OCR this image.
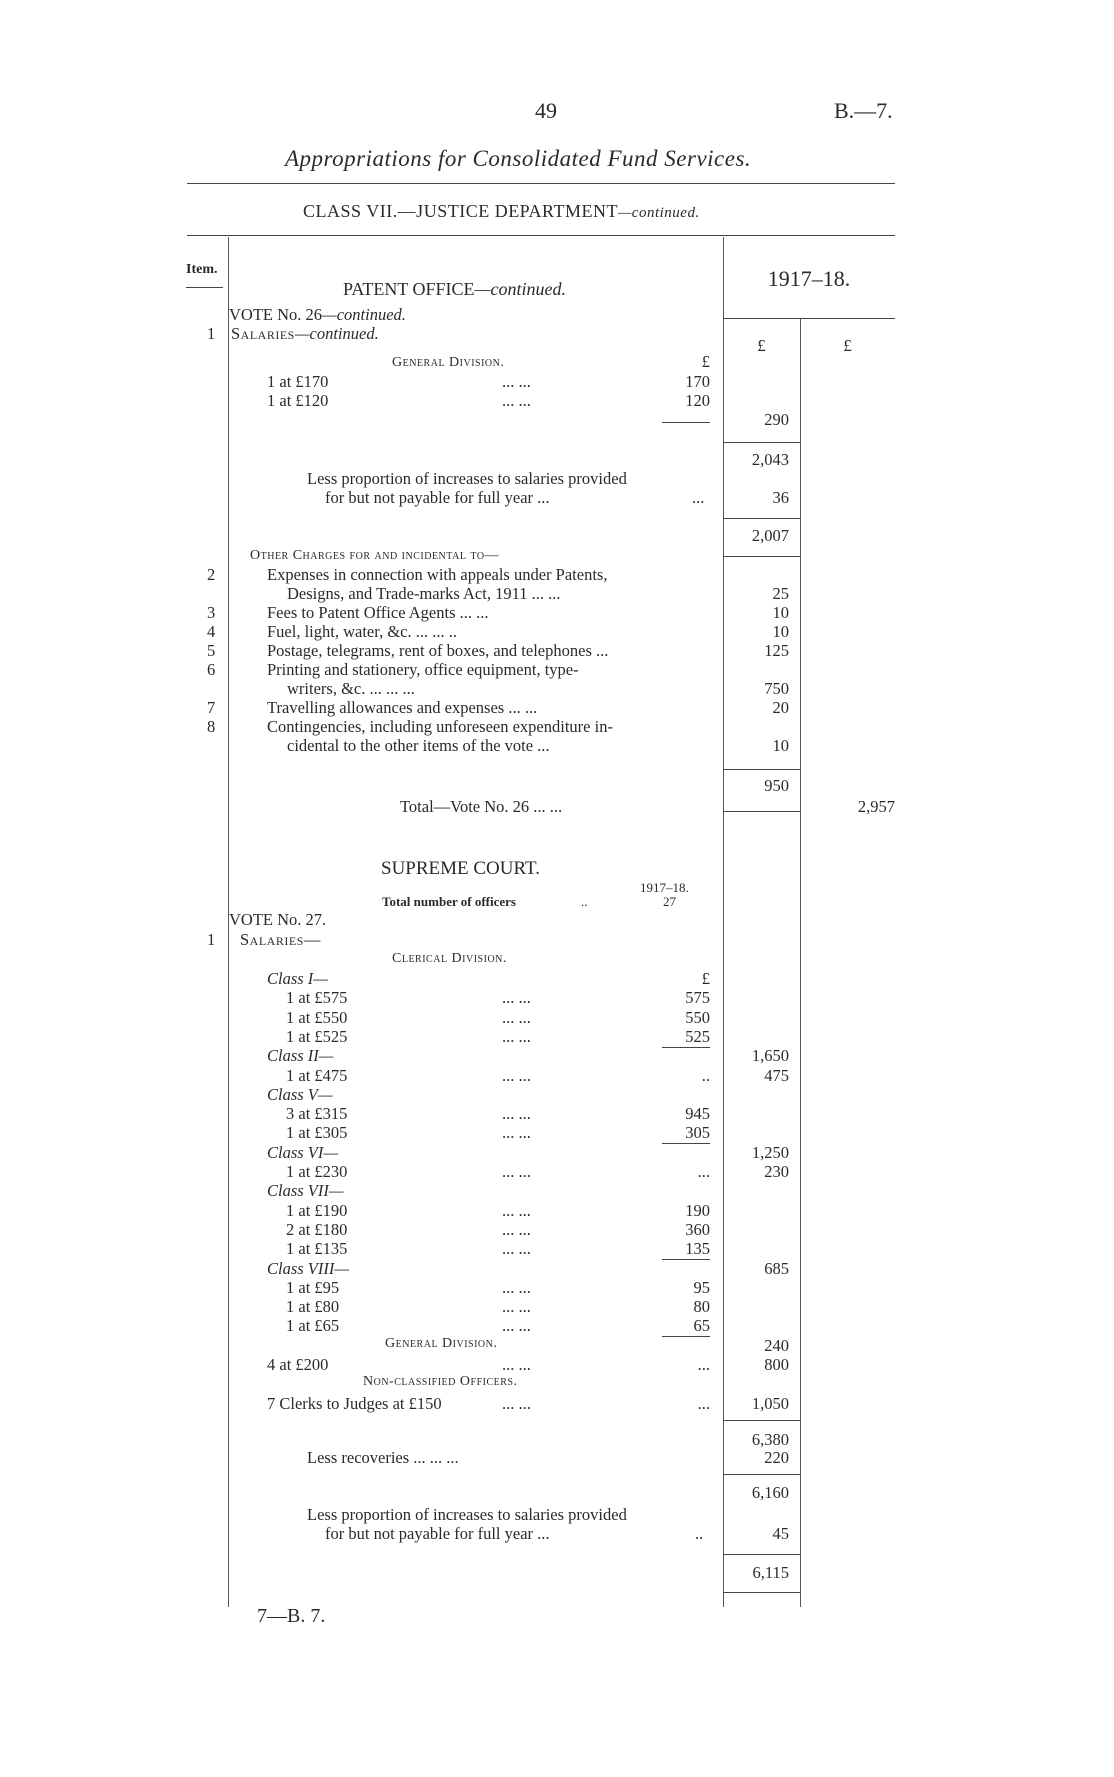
49	B.—7.
Appropriations for Consolidated Fund Services.
CLASS VII.—JUSTICE DEPARTMENT—continued.
Item.	1917–18.
£	£
PATENT OFFICE—continued.
VOTE No. 26—continued.
1 Salaries—continued.
General Division.	£
1 at £170	... ...	170
1 at £120	... ...	120
290
2,043
Less proportion of increases to salaries provided
for but not payable for full year ...	...	36
2,007
Other Charges for and incidental to—
2	Expenses in connection with appeals under Patents,
Designs, and Trade-marks Act, 1911 ... ...	25
3	Fees to Patent Office Agents ... ...	10
4	Fuel, light, water, &c. ... ... ..	10
5	Postage, telegrams, rent of boxes, and telephones ...	125
6	Printing and stationery, office equipment, type-
writers, &c. ... ... ...	750
7	Travelling allowances and expenses ... ...	20
8	Contingencies, including unforeseen expenditure in-
cidental to the other items of the vote ...	10
950
Total—Vote No. 26 ... ...	2,957
SUPREME COURT.
1917–18.
Total number of officers	..	27
VOTE No. 27.
1 Salaries—
Clerical Division.
£
Class I—
1 at £575	... ...	575
1 at £550	... ...	550
1 at £525	... ...	525
Class II—	1,650
1 at £475	... ...	..	475
Class V—
3 at £315	... ...	945
1 at £305	... ...	305
Class VI—	1,250
1 at £230	... ...	...	230
Class VII—
1 at £190	... ...	190
2 at £180	... ...	360
1 at £135	... ...	135
Class VIII—	685
1 at £95	... ...	95
1 at £80	... ...	80
1 at £65	... ...	65
General Division.	240
4 at £200	... ...	...	800
Non-classified Officers.
7 Clerks to Judges at £150	... ...	...	1,050
6,380
Less recoveries ... ... ...	220
6,160
Less proportion of increases to salaries provided
for but not payable for full year ...	..	45
6,115
7—B. 7.
